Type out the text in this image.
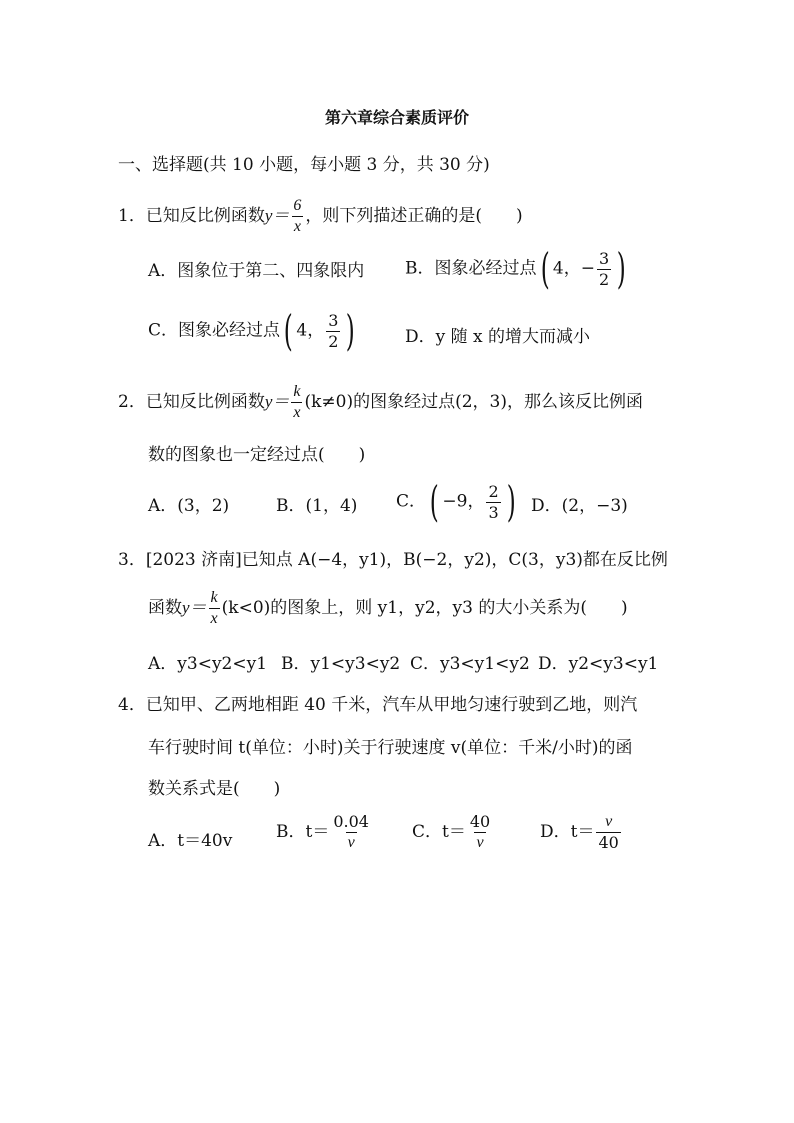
第六章综合素质评价
一、选择题(共 10 小题，每小题 3 分，共 30 分)
1．已知反比例函数$y= \frac{6}{x}$ ，则下列描述正确的是(　　)
A．图象位于第二、四象限内 B．图象必经过点( 4，− $\frac{3}{2}$ )
C．图象必经过点( 4， $\frac{3}{2}$ )	D．y 随 x 的增大而减小
2．已知反比例函数$y= \frac{k}{x} (k\ne 0)$的图象经过点(2，3)，那么该反比例函
数的图象也一定经过点(　　)
A．(3，2)	B．(1，4) C．( −9， $\frac{2}{3}$ ) D．(2，−3)
3．[2023 济南]已知点 A(−4，y1)，B(−2，y2)，C(3，y3)都在反比例
函数$y= \frac{k}{x} (k<0)$的图象上，则 y1，y2，y3 的大小关系为(　　)
A．y3<y2<y1 B．y1<y3<y2 C．y3<y1<y2 D．y2<y3<y1
4．已知甲、乙两地相距 40 千米，汽车从甲地匀速行驶到乙地，则汽
车行驶时间 t(单位：小时)关于行驶速度 v(单位：千米/小时)的函
数关系式是(　　)
A．t＝40v	B．$t= \frac{0.04}{v}$ C．$t= \frac{40}{v}$	D．$t= \frac{v}{40}$
